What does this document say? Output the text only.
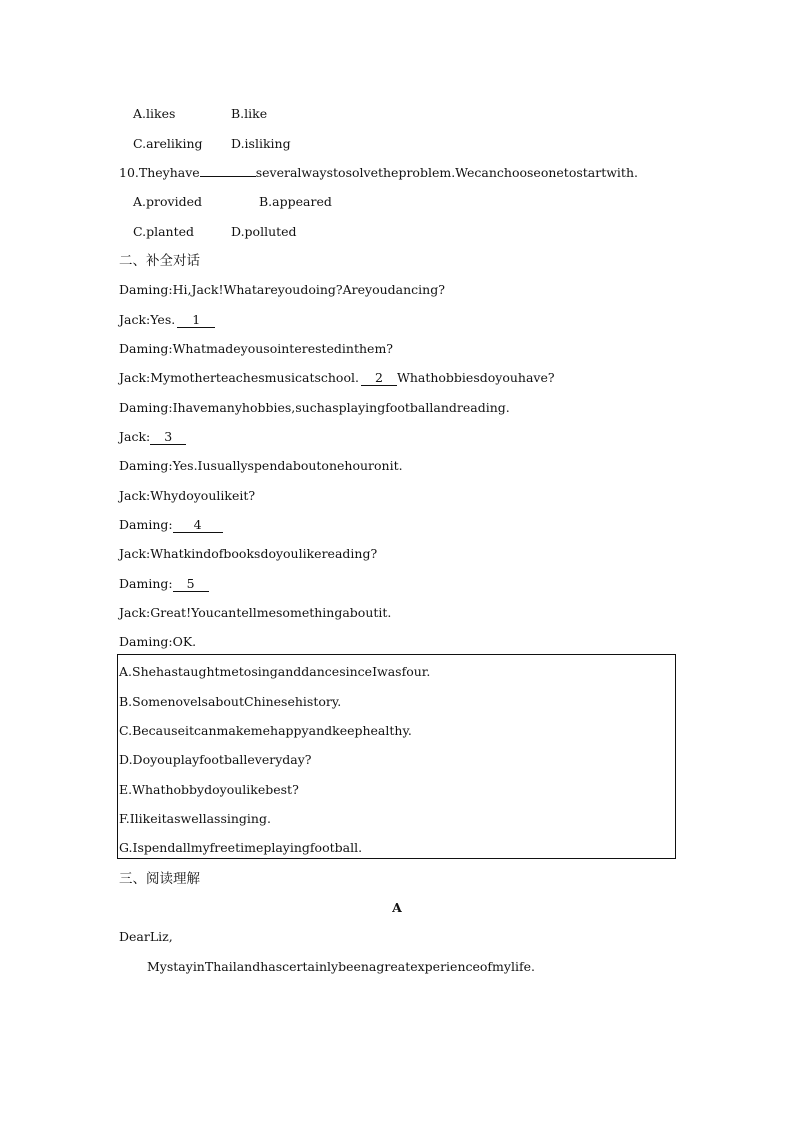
A.likes	B.like
C.areliking D.isliking
10.Theyhave	severalwaystosolvetheproblem.Wecanchooseonetostartwith.
A.provided	B.appeared
C.planted	D.polluted
二、补全对话
Daming:Hi,Jack!Whatareyoudoing?Areyoudancing?
Jack:Yes. 1
Daming:Whatmadeyousointerestedinthem?
Jack:Mymotherteachesmusicatschool. 2 Whathobbiesdoyouhave?
Daming:Ihavemanyhobbies,suchasplayingfootballandreading.
Jack: 3
Daming:Yes.Iusuallyspendaboutonehouronit.
Jack:Whydoyoulikeit?
Daming: 4
Jack:Whatkindofbooksdoyoulikereading?
Daming: 5
Jack:Great!Youcantellmesomethingaboutit.
Daming:OK.
A.ShehastaughtmetosinganddancesinceIwasfour.
B.SomenovelsaboutChinesehistory.
C.Becauseitcanmakemehappyandkeephealthy.
D.Doyouplayfootballeveryday?
E.Whathobbydoyoulikebest?
F.Ilikeitaswellassinging.
G.Ispendallmyfreetimeplayingfootball.
三、阅读理解
A
DearLiz,
MystayinThailandhascertainlybeenagreatexperienceofmylife.
